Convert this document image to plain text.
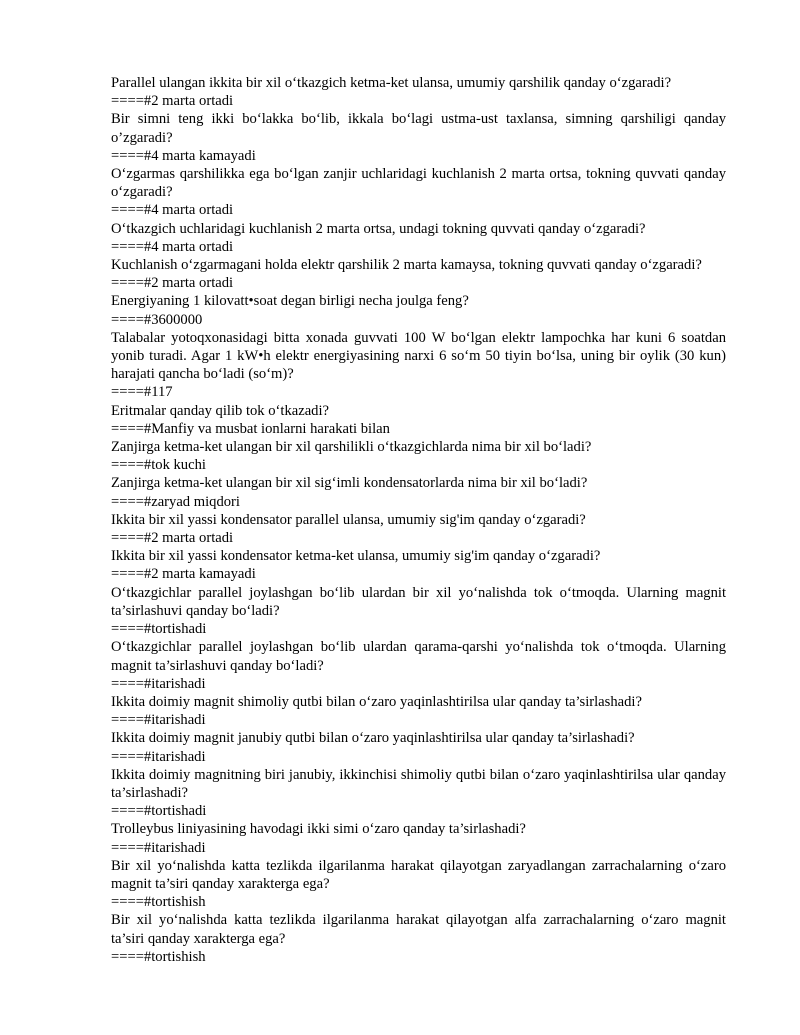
Parallel ulangan ikkita bir xil o‘tkazgich ketma-ket ulansa, umumiy qarshilik qanday o‘zgaradi?

====#2 marta ortadi

Bir simni teng ikki bo‘lakka bo‘lib, ikkala bo‘lagi ustma-ust taxlansa, simning qarshiligi qanday o’zgaradi?

====#4 marta kamayadi

O‘zgarmas qarshilikka ega bo‘lgan zanjir uchlaridagi kuchlanish 2 marta ortsa, tokning quvvati qanday o‘zgaradi?

====#4 marta ortadi

O‘tkazgich uchlaridagi kuchlanish 2 marta ortsa, undagi tokning quvvati qanday o‘zgaradi?

====#4 marta ortadi

Kuchlanish o‘zgarmagani holda elektr qarshilik 2 marta kamaysa, tokning quvvati qanday o‘zgaradi?

====#2 marta ortadi

Energiyaning 1 kilovatt•soat degan birligi necha joulga feng?

====#3600000

Talabalar yotoqxonasidagi bitta xonada guvvati 100 W bo‘lgan elektr lampochka har kuni 6 soatdan yonib turadi. Agar 1 kW•h elektr energiyasining narxi 6 so‘m 50 tiyin bo‘lsa, uning bir oylik (30 kun) harajati qancha bo‘ladi (so‘m)?

====#117

Eritmalar qanday qilib tok o‘tkazadi?

====#Manfiy va musbat ionlarni harakati bilan

Zanjirga ketma-ket ulangan bir xil qarshilikli o‘tkazgichlarda nima bir xil bo‘ladi?

====#tok kuchi

Zanjirga ketma-ket ulangan bir xil sig‘imli kondensatorlarda nima bir xil bo‘ladi?

====#zaryad miqdori

Ikkita bir xil yassi kondensator parallel ulansa, umumiy sig'im qanday o‘zgaradi?

====#2 marta ortadi

Ikkita bir xil yassi kondensator ketma-ket ulansa, umumiy sig'im qanday o‘zgaradi?

====#2 marta kamayadi

O‘tkazgichlar parallel joylashgan bo‘lib ulardan bir xil yo‘nalishda tok o‘tmoqda. Ularning magnit ta’sirlashuvi qanday bo‘ladi?

====#tortishadi

O‘tkazgichlar parallel joylashgan bo‘lib ulardan qarama-qarshi yo‘nalishda tok o‘tmoqda. Ularning magnit ta’sirlashuvi qanday bo‘ladi?

====#itarishadi

Ikkita doimiy magnit shimoliy qutbi bilan o‘zaro yaqinlashtirilsa ular qanday ta’sirlashadi?

====#itarishadi

Ikkita doimiy magnit janubiy qutbi bilan o‘zaro yaqinlashtirilsa ular qanday ta’sirlashadi?

====#itarishadi

Ikkita doimiy magnitning biri janubiy, ikkinchisi shimoliy qutbi bilan o‘zaro yaqinlashtirilsa ular qanday ta’sirlashadi?

====#tortishadi

Trolleybus liniyasining havodagi ikki simi o‘zaro qanday ta’sirlashadi?

====#itarishadi

Bir xil yo‘nalishda katta tezlikda ilgarilanma harakat qilayotgan zaryadlangan zarrachalarning o‘zaro magnit ta’siri qanday xarakterga ega?

====#tortishish

Bir xil yo‘nalishda katta tezlikda ilgarilanma harakat qilayotgan alfa zarrachalarning o‘zaro magnit ta’siri qanday xarakterga ega?

====#tortishish
